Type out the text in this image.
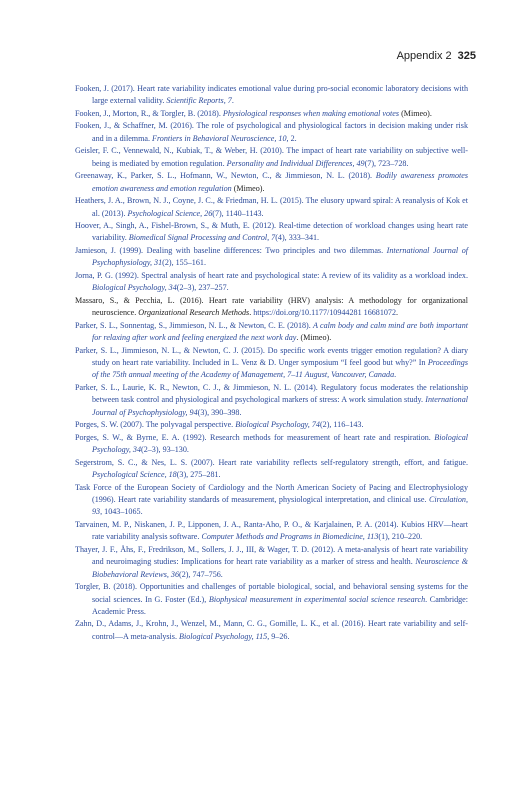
Appendix 2 325

Fooken, J. (2017). Heart rate variability indicates emotional value during pro-social economic laboratory decisions with large external validity. Scientific Reports, 7.

Fooken, J., Morton, R., & Torgler, B. (2018). Physiological responses when making emotional votes (Mimeo).

Fooken, J., & Schaffner, M. (2016). The role of psychological and physiological factors in decision making under risk and in a dilemma. Frontiers in Behavioral Neuroscience, 10, 2.

Geisler, F. C., Vennewald, N., Kubiak, T., & Weber, H. (2010). The impact of heart rate variability on subjective well-being is mediated by emotion regulation. Personality and Individual Differences, 49(7), 723–728.

Greenaway, K., Parker, S. L., Hofmann, W., Newton, C., & Jimmieson, N. L. (2018). Bodily awareness promotes emotion awareness and emotion regulation (Mimeo).

Heathers, J. A., Brown, N. J., Coyne, J. C., & Friedman, H. L. (2015). The elusory upward spiral: A reanalysis of Kok et al. (2013). Psychological Science, 26(7), 1140–1143.

Hoover, A., Singh, A., Fishel-Brown, S., & Muth, E. (2012). Real-time detection of workload changes using heart rate variability. Biomedical Signal Processing and Control, 7(4), 333–341.

Jamieson, J. (1999). Dealing with baseline differences: Two principles and two dilemmas. International Journal of Psychophysiology, 31(2), 155–161.

Jorna, P. G. (1992). Spectral analysis of heart rate and psychological state: A review of its validity as a workload index. Biological Psychology, 34(2–3), 237–257.

Massaro, S., & Pecchia, L. (2016). Heart rate variability (HRV) analysis: A methodology for organizational neuroscience. Organizational Research Methods. https://doi.org/10.1177/10944281 16681072.

Parker, S. L., Sonnentag, S., Jimmieson, N. L., & Newton, C. E. (2018). A calm body and calm mind are both important for relaxing after work and feeling energized the next work day. (Mimeo).

Parker, S. L., Jimmieson, N. L., & Newton, C. J. (2015). Do specific work events trigger emotion regulation? A diary study on heart rate variability. Included in L. Venz & D. Unger symposium “I feel good but why?” In Proceedings of the 75th annual meeting of the Academy of Management, 7–11 August, Vancouver, Canada.

Parker, S. L., Laurie, K. R., Newton, C. J., & Jimmieson, N. L. (2014). Regulatory focus moderates the relationship between task control and physiological and psychological markers of stress: A work simulation study. International Journal of Psychophysiology, 94(3), 390–398.

Porges, S. W. (2007). The polyvagal perspective. Biological Psychology, 74(2), 116–143.

Porges, S. W., & Byrne, E. A. (1992). Research methods for measurement of heart rate and respiration. Biological Psychology, 34(2–3), 93–130.

Segerstrom, S. C., & Nes, L. S. (2007). Heart rate variability reflects self-regulatory strength, effort, and fatigue. Psychological Science, 18(3), 275–281.

Task Force of the European Society of Cardiology and the North American Society of Pacing and Electrophysiology (1996). Heart rate variability standards of measurement, physiological interpretation, and clinical use. Circulation, 93, 1043–1065.

Tarvainen, M. P., Niskanen, J. P., Lipponen, J. A., Ranta-Aho, P. O., & Karjalainen, P. A. (2014). Kubios HRV—heart rate variability analysis software. Computer Methods and Programs in Biomedicine, 113(1), 210–220.

Thayer, J. F., Åhs, F., Fredrikson, M., Sollers, J. J., III, & Wager, T. D. (2012). A meta-analysis of heart rate variability and neuroimaging studies: Implications for heart rate variability as a marker of stress and health. Neuroscience & Biobehavioral Reviews, 36(2), 747–756.

Torgler, B. (2018). Opportunities and challenges of portable biological, social, and behavioral sensing systems for the social sciences. In G. Foster (Ed.), Biophysical measurement in experimental social science research. Cambridge: Academic Press.

Zahn, D., Adams, J., Krohn, J., Wenzel, M., Mann, C. G., Gomille, L. K., et al. (2016). Heart rate variability and self-control—A meta-analysis. Biological Psychology, 115, 9–26.
